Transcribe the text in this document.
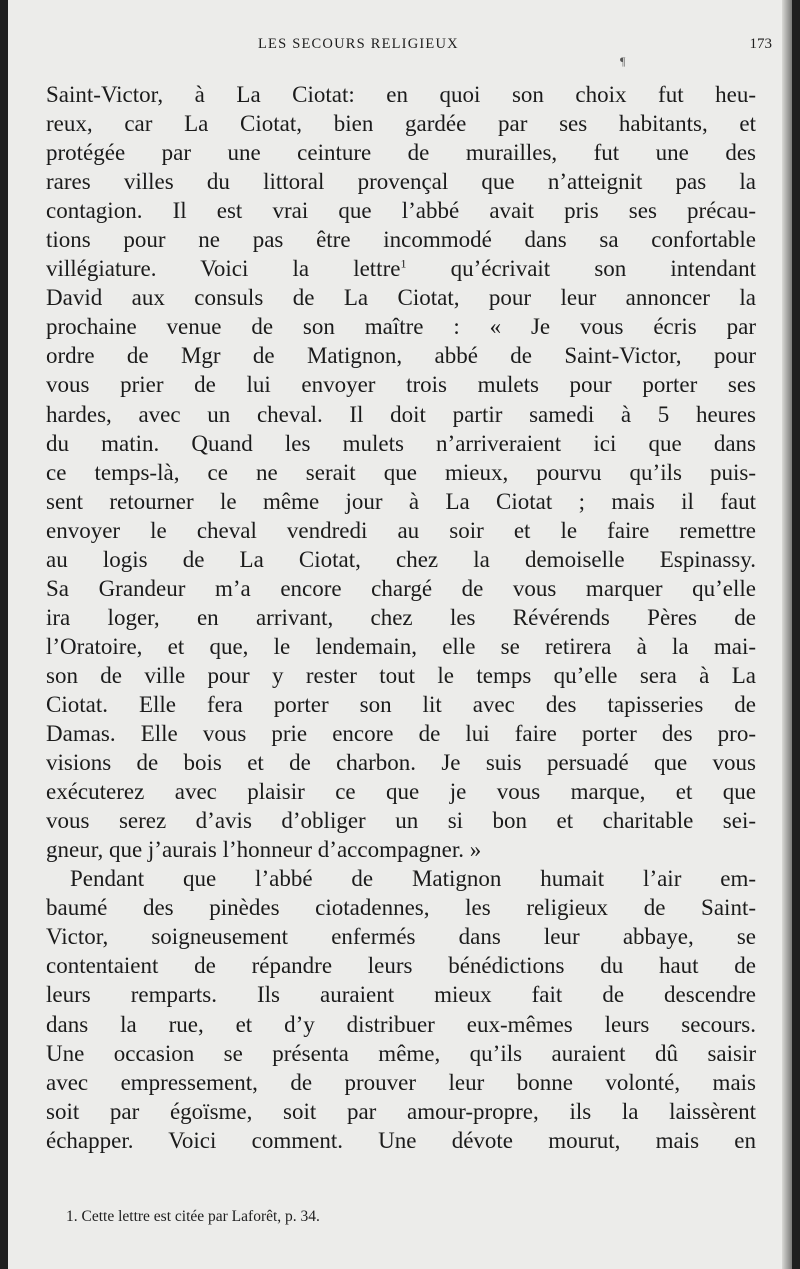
¶
LES SECOURS RELIGIEUX	173
Saint-Victor, à La Ciotat: en quoi son choix fut heu-
reux, car La Ciotat, bien gardée par ses habitants, et
protégée par une ceinture de murailles, fut une des
rares villes du littoral provençal que n’atteignit pas la
contagion. Il est vrai que l’abbé avait pris ses précau-
tions pour ne pas être incommodé dans sa confortable
villégiature. Voici la lettre$^1$ qu’écrivait son intendant
David aux consuls de La Ciotat, pour leur annoncer la
prochaine venue de son maître : « Je vous écris par
ordre de Mgr de Matignon, abbé de Saint-Victor, pour
vous prier de lui envoyer trois mulets pour porter ses
hardes, avec un cheval. Il doit partir samedi à 5 heures
du matin. Quand les mulets n’arriveraient ici que dans
ce temps-là, ce ne serait que mieux, pourvu qu’ils puis-
sent retourner le même jour à La Ciotat ; mais il faut
envoyer le cheval vendredi au soir et le faire remettre
au logis de La Ciotat, chez la demoiselle Espinassy.
Sa Grandeur m’a encore chargé de vous marquer qu’elle
ira loger, en arrivant, chez les Révérends Pères de
l’Oratoire, et que, le lendemain, elle se retirera à la mai-
son de ville pour y rester tout le temps qu’elle sera à La
Ciotat. Elle fera porter son lit avec des tapisseries de
Damas. Elle vous prie encore de lui faire porter des pro-
visions de bois et de charbon. Je suis persuadé que vous
exécuterez avec plaisir ce que je vous marque, et que
vous serez d’avis d’obliger un si bon et charitable sei-
gneur, que j’aurais l’honneur d’accompagner. »
Pendant que l’abbé de Matignon humait l’air em-
baumé des pinèdes ciotadennes, les religieux de Saint-
Victor, soigneusement enfermés dans leur abbaye, se
contentaient de répandre leurs bénédictions du haut de
leurs remparts. Ils auraient mieux fait de descendre
dans la rue, et d’y distribuer eux-mêmes leurs secours.
Une occasion se présenta même, qu’ils auraient dû saisir
avec empressement, de prouver leur bonne volonté, mais
soit par égoïsme, soit par amour-propre, ils la laissèrent
échapper. Voici comment. Une dévote mourut, mais en
1. Cette lettre est citée par Laforêt, p. 34.
